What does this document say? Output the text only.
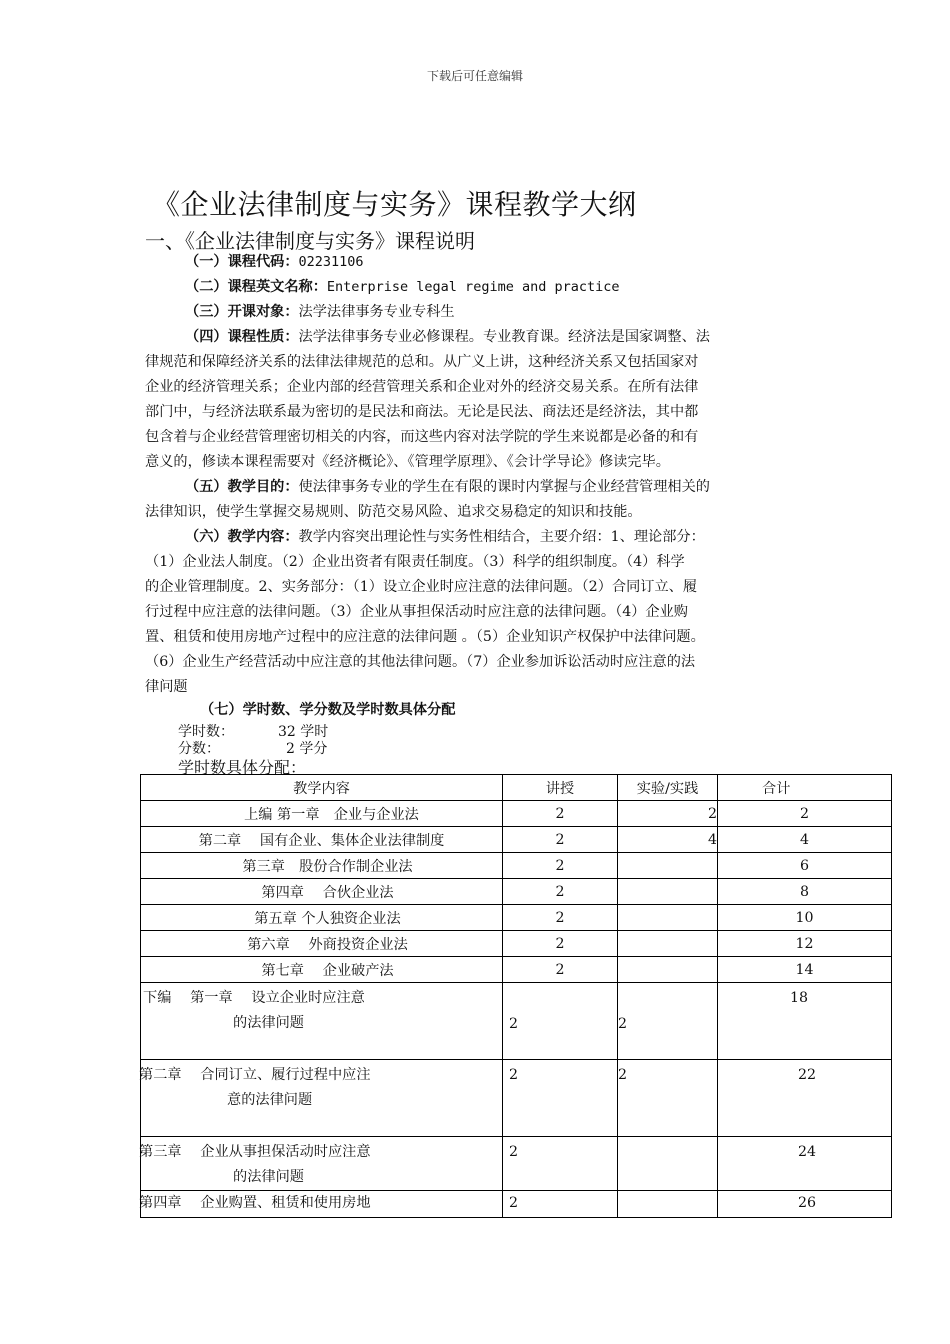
下载后可任意编辑
《企业法律制度与实务》课程教学大纲
一、《企业法律制度与实务》课程说明
（一）课程代码：02231106
（二）课程英文名称：Enterprise legal regime and practice
（三）开课对象：法学法律事务专业专科生
（四）课程性质：法学法律事务专业必修课程。专业教育课。经济法是国家调整、法
律规范和保障经济关系的法律法律规范的总和。从广义上讲，这种经济关系又包括国家对
企业的经济管理关系；企业内部的经营管理关系和企业对外的经济交易关系。在所有法律
部门中，与经济法联系最为密切的是民法和商法。无论是民法、商法还是经济法，其中都
包含着与企业经营管理密切相关的内容，而这些内容对法学院的学生来说都是必备的和有
意义的，修读本课程需要对《经济概论》、《管理学原理》、《会计学导论》修读完毕。
（五）教学目的：使法律事务专业的学生在有限的课时内掌握与企业经营管理相关的
法律知识，使学生掌握交易规则、防范交易风险、追求交易稳定的知识和技能。
（六）教学内容：教学内容突出理论性与实务性相结合，主要介绍：1、理论部分：
（1）企业法人制度。（2）企业出资者有限责任制度。（3）科学的组织制度。（4）科学
的企业管理制度。2、实务部分：（1）设立企业时应注意的法律问题。（2）合同订立、履
行过程中应注意的法律问题。（3）企业从事担保活动时应注意的法律问题。（4）企业购
置、租赁和使用房地产过程中的应注意的法律问题 。（5）企业知识产权保护中法律问题。
（6）企业生产经营活动中应注意的其他法律问题。（7）企业参加诉讼活动时应注意的法
律问题
（七）学时数、学分数及学时数具体分配
学时数：	32 学时
分数：	2 学分
学时数具体分配：
教学内容	讲授	实验/实践	合计
上编 第一章　企业与企业法	2	2	2
第二章　 国有企业、集体企业法律制度	2	4	4
第三章　股份合作制企业法	2		6
第四章　 合伙企业法	2		8
第五章 个人独资企业法	2		10
第六章　 外商投资企业法	2		12
第七章　 企业破产法	2		14

下编　 第一章　 设立企业时应注意
的法律问题	2	2	18

第二章　 合同订立、履行过程中应注
意的法律问题	2	2	22

第三章　 企业从事担保活动时应注意
的法律问题	2		24

第四章　 企业购置、租赁和使用房地	2		26
